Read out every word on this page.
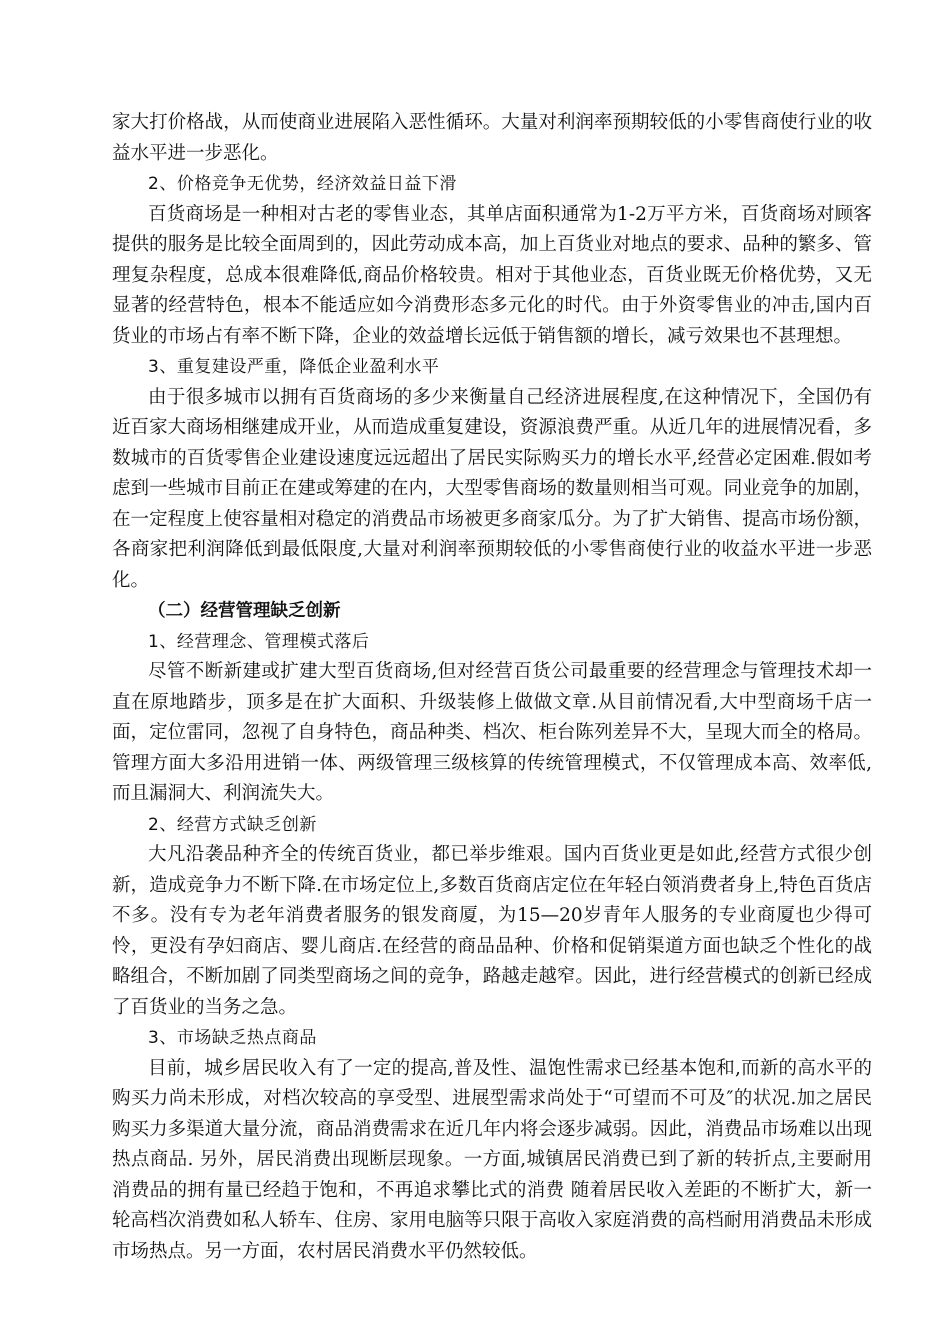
家大打价格战，从而使商业进展陷入恶性循环。大量对利润率预期较低的小零售商使行业的收益水平进一步恶化。

2、价格竞争无优势，经济效益日益下滑

百货商场是一种相对古老的零售业态，其单店面积通常为1-2万平方米，百货商场对顾客提供的服务是比较全面周到的，因此劳动成本高，加上百货业对地点的要求、品种的繁多、管理复杂程度，总成本很难降低,商品价格较贵。相对于其他业态，百货业既无价格优势，又无显著的经营特色，根本不能适应如今消费形态多元化的时代。由于外资零售业的冲击,国内百货业的市场占有率不断下降，企业的效益增长远低于销售额的增长，减亏效果也不甚理想。

3、重复建设严重，降低企业盈利水平

由于很多城市以拥有百货商场的多少来衡量自己经济进展程度,在这种情况下，全国仍有近百家大商场相继建成开业，从而造成重复建设，资源浪费严重。从近几年的进展情况看，多数城市的百货零售企业建设速度远远超出了居民实际购买力的增长水平,经营必定困难.假如考虑到一些城市目前正在建或筹建的在内，大型零售商场的数量则相当可观。同业竞争的加剧，在一定程度上使容量相对稳定的消费品市场被更多商家瓜分。为了扩大销售、提高市场份额，各商家把利润降低到最低限度,大量对利润率预期较低的小零售商使行业的收益水平进一步恶化。

（二）经营管理缺乏创新

1、经营理念、管理模式落后

尽管不断新建或扩建大型百货商场,但对经营百货公司最重要的经营理念与管理技术却一直在原地踏步，顶多是在扩大面积、升级装修上做做文章.从目前情况看,大中型商场千店一面，定位雷同，忽视了自身特色，商品种类、档次、柜台陈列差异不大，呈现大而全的格局。管理方面大多沿用进销一体、两级管理三级核算的传统管理模式，不仅管理成本高、效率低,而且漏洞大、利润流失大。

2、经营方式缺乏创新

大凡沿袭品种齐全的传统百货业，都已举步维艰。国内百货业更是如此,经营方式很少创新，造成竞争力不断下降.在市场定位上,多数百货商店定位在年轻白领消费者身上,特色百货店不多。没有专为老年消费者服务的银发商厦，为15—20岁青年人服务的专业商厦也少得可怜，更没有孕妇商店、婴儿商店.在经营的商品品种、价格和促销渠道方面也缺乏个性化的战略组合，不断加剧了同类型商场之间的竞争，路越走越窄。因此，进行经营模式的创新已经成了百货业的当务之急。

3、市场缺乏热点商品

目前，城乡居民收入有了一定的提高,普及性、温饱性需求已经基本饱和,而新的高水平的购买力尚未形成，对档次较高的享受型、进展型需求尚处于“可望而不可及″的状况.加之居民购买力多渠道大量分流，商品消费需求在近几年内将会逐步减弱。因此，消费品市场难以出现热点商品. 另外，居民消费出现断层现象。一方面,城镇居民消费已到了新的转折点,主要耐用消费品的拥有量已经趋于饱和，不再追求攀比式的消费 随着居民收入差距的不断扩大，新一轮高档次消费如私人轿车、住房、家用电脑等只限于高收入家庭消费的高档耐用消费品未形成市场热点。另一方面，农村居民消费水平仍然较低。
